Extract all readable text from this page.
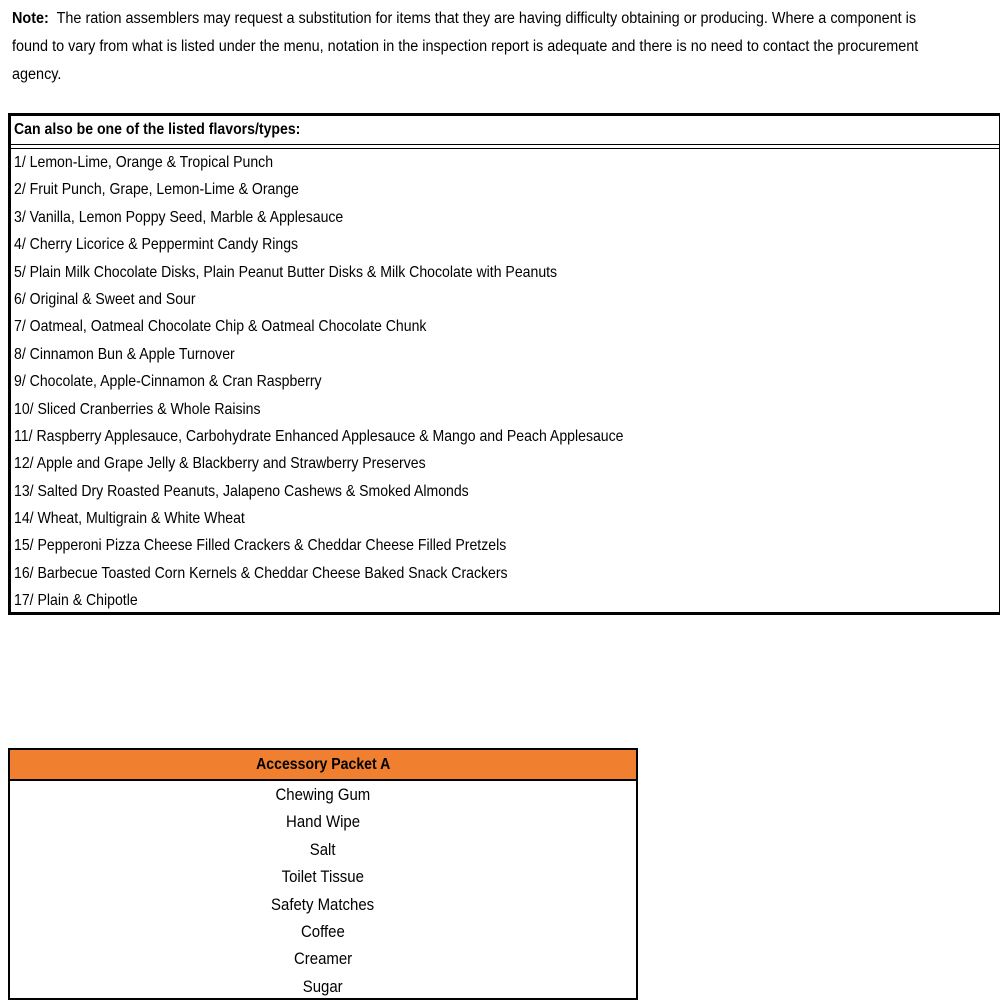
Note: The ration assemblers may request a substitution for items that they are having difficulty obtaining or producing. Where a component is found to vary from what is listed under the menu, notation in the inspection report is adequate and there is no need to contact the procurement agency.
Can also be one of the listed flavors/types:
1/ Lemon-Lime, Orange & Tropical Punch
2/ Fruit Punch, Grape, Lemon-Lime & Orange
3/ Vanilla, Lemon Poppy Seed, Marble & Applesauce
4/ Cherry Licorice & Peppermint Candy Rings
5/ Plain Milk Chocolate Disks, Plain Peanut Butter Disks & Milk Chocolate with Peanuts
6/ Original & Sweet and Sour
7/ Oatmeal, Oatmeal Chocolate Chip & Oatmeal Chocolate Chunk
8/ Cinnamon Bun & Apple Turnover
9/ Chocolate, Apple-Cinnamon & Cran Raspberry
10/ Sliced Cranberries & Whole Raisins
11/ Raspberry Applesauce, Carbohydrate Enhanced Applesauce & Mango and Peach Applesauce
12/ Apple and Grape Jelly & Blackberry and Strawberry Preserves
13/ Salted Dry Roasted Peanuts, Jalapeno Cashews & Smoked Almonds
14/ Wheat, Multigrain & White Wheat
15/ Pepperoni Pizza Cheese Filled Crackers & Cheddar Cheese Filled Pretzels
16/ Barbecue Toasted Corn Kernels & Cheddar Cheese Baked Snack Crackers
17/ Plain & Chipotle
Accessory Packet A
Chewing Gum
Hand Wipe
Salt
Toilet Tissue
Safety Matches
Coffee
Creamer
Sugar
